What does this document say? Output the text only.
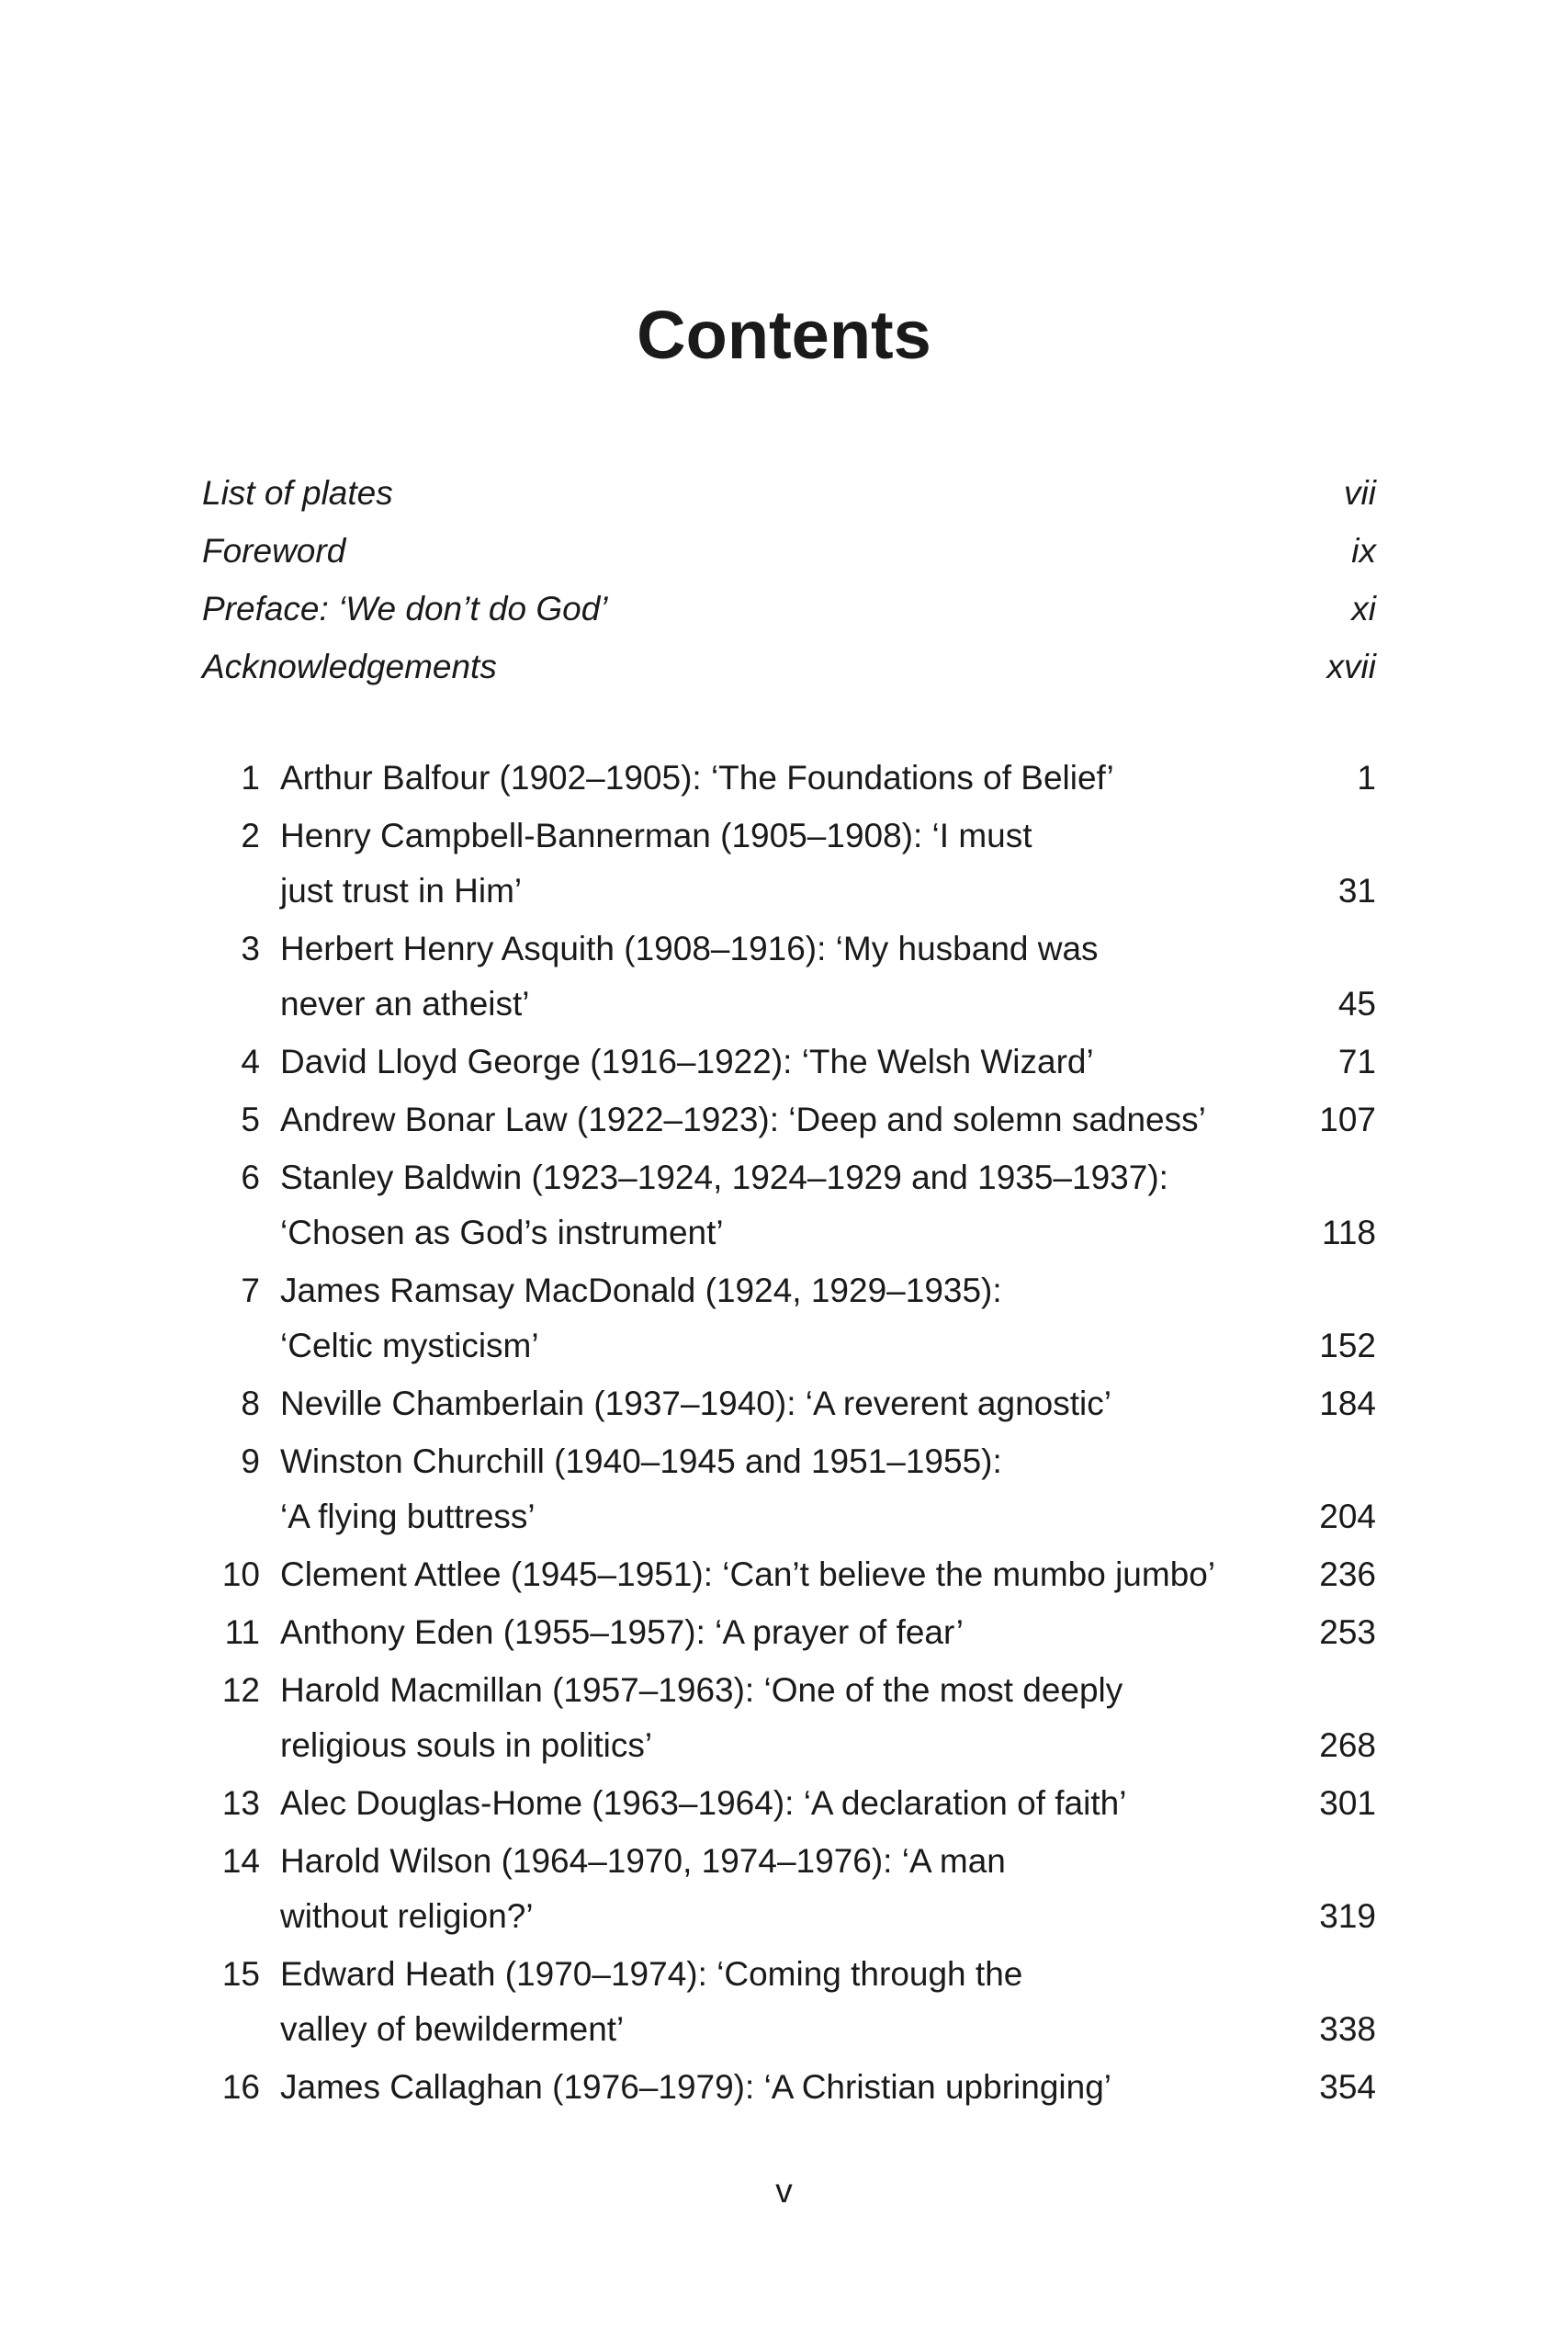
Contents
List of plates	vii
Foreword	ix
Preface: ‘We don’t do God’	xi
Acknowledgements	xvii
1 Arthur Balfour (1902–1905): ‘The Foundations of Belief’	1
2 Henry Campbell-Bannerman (1905–1908): ‘I must
just trust in Him’	31
3 Herbert Henry Asquith (1908–1916): ‘My husband was
never an atheist’	45
4 David Lloyd George (1916–1922): ‘The Welsh Wizard’	71
5 Andrew Bonar Law (1922–1923): ‘Deep and solemn sadness’	107
6 Stanley Baldwin (1923–1924, 1924–1929 and 1935–1937):
‘Chosen as God’s instrument’	118
7 James Ramsay MacDonald (1924, 1929–1935):
‘Celtic mysticism’	152
8 Neville Chamberlain (1937–1940): ‘A reverent agnostic’	184
9 Winston Churchill (1940–1945 and 1951–1955):
‘A flying buttress’	204
10 Clement Attlee (1945–1951): ‘Can’t believe the mumbo jumbo’	236
11 Anthony Eden (1955–1957): ‘A prayer of fear’	253
12 Harold Macmillan (1957–1963): ‘One of the most deeply
religious souls in politics’	268
13 Alec Douglas-Home (1963–1964): ‘A declaration of faith’	301
14 Harold Wilson (1964–1970, 1974–1976): ‘A man
without religion?’	319
15 Edward Heath (1970–1974): ‘Coming through the
valley of bewilderment’	338
16 James Callaghan (1976–1979): ‘A Christian upbringing’	354
v
